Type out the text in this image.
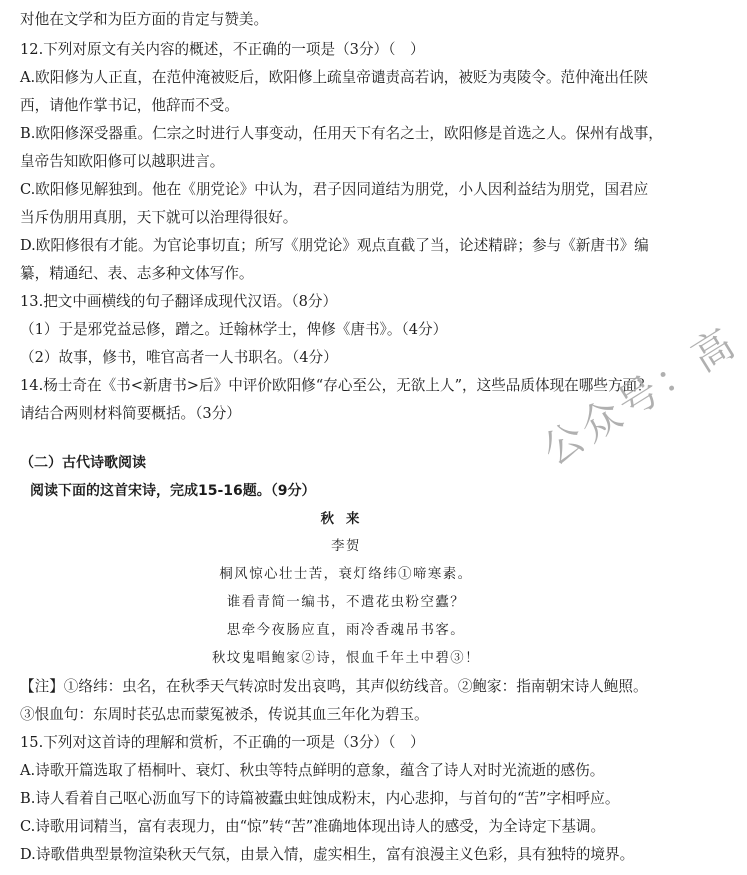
对他在文学和为臣方面的肯定与赞美。
12.下列对原文有关内容的概述，不正确的一项是（3分）（　）
A.欧阳修为人正直，在范仲淹被贬后，欧阳修上疏皇帝谴责高若讷，被贬为夷陵令。范仲淹出任陕
西，请他作掌书记，他辞而不受。
B.欧阳修深受器重。仁宗之时进行人事变动，任用天下有名之士，欧阳修是首选之人。保州有战事，
皇帝告知欧阳修可以越职进言。
C.欧阳修见解独到。他在《朋党论》中认为，君子因同道结为朋党，小人因利益结为朋党，国君应
当斥伪朋用真朋，天下就可以治理得很好。
D.欧阳修很有才能。为官论事切直；所写《朋党论》观点直截了当，论述精辟；参与《新唐书》编
纂，精通纪、表、志多种文体写作。
13.把文中画横线的句子翻译成现代汉语。（8分）
（1）于是邪党益忌修，蹭之。迁翰林学士，俾修《唐书》。（4分）
（2）故事，修书，唯官高者一人书职名。（4分）
14.杨士奇在《书<新唐书>后》中评价欧阳修“存心至公，无欲上人”，这些品质体现在哪些方面？
请结合两则材料简要概括。（3分）
（二）古代诗歌阅读
阅读下面的这首宋诗，完成15-16题。（9分）
秋来
李贺
桐风惊心壮士苦，衰灯络纬①啼寒素。
谁看青简一编书，不遣花虫粉空蠹？
思牵今夜肠应直，雨冷香魂吊书客。
秋坟鬼唱鲍家②诗，恨血千年土中碧③！
【注】①络纬：虫名，在秋季天气转凉时发出哀鸣，其声似纺线音。②鲍家：指南朝宋诗人鲍照。
③恨血句：东周时苌弘忠而蒙冤被杀，传说其血三年化为碧玉。
15.下列对这首诗的理解和赏析，不正确的一项是（3分）（　）
A.诗歌开篇选取了梧桐叶、衰灯、秋虫等特点鲜明的意象，蕴含了诗人对时光流逝的感伤。
B.诗人看着自己呕心沥血写下的诗篇被蠹虫蛀蚀成粉末，内心悲抑，与首句的“苦”字相呼应。
C.诗歌用词精当，富有表现力，由“惊”转“苦”准确地体现出诗人的感受，为全诗定下基调。
D.诗歌借典型景物渲染秋天气氛，由景入情，虚实相生，富有浪漫主义色彩，具有独特的境界。
公众号：高
